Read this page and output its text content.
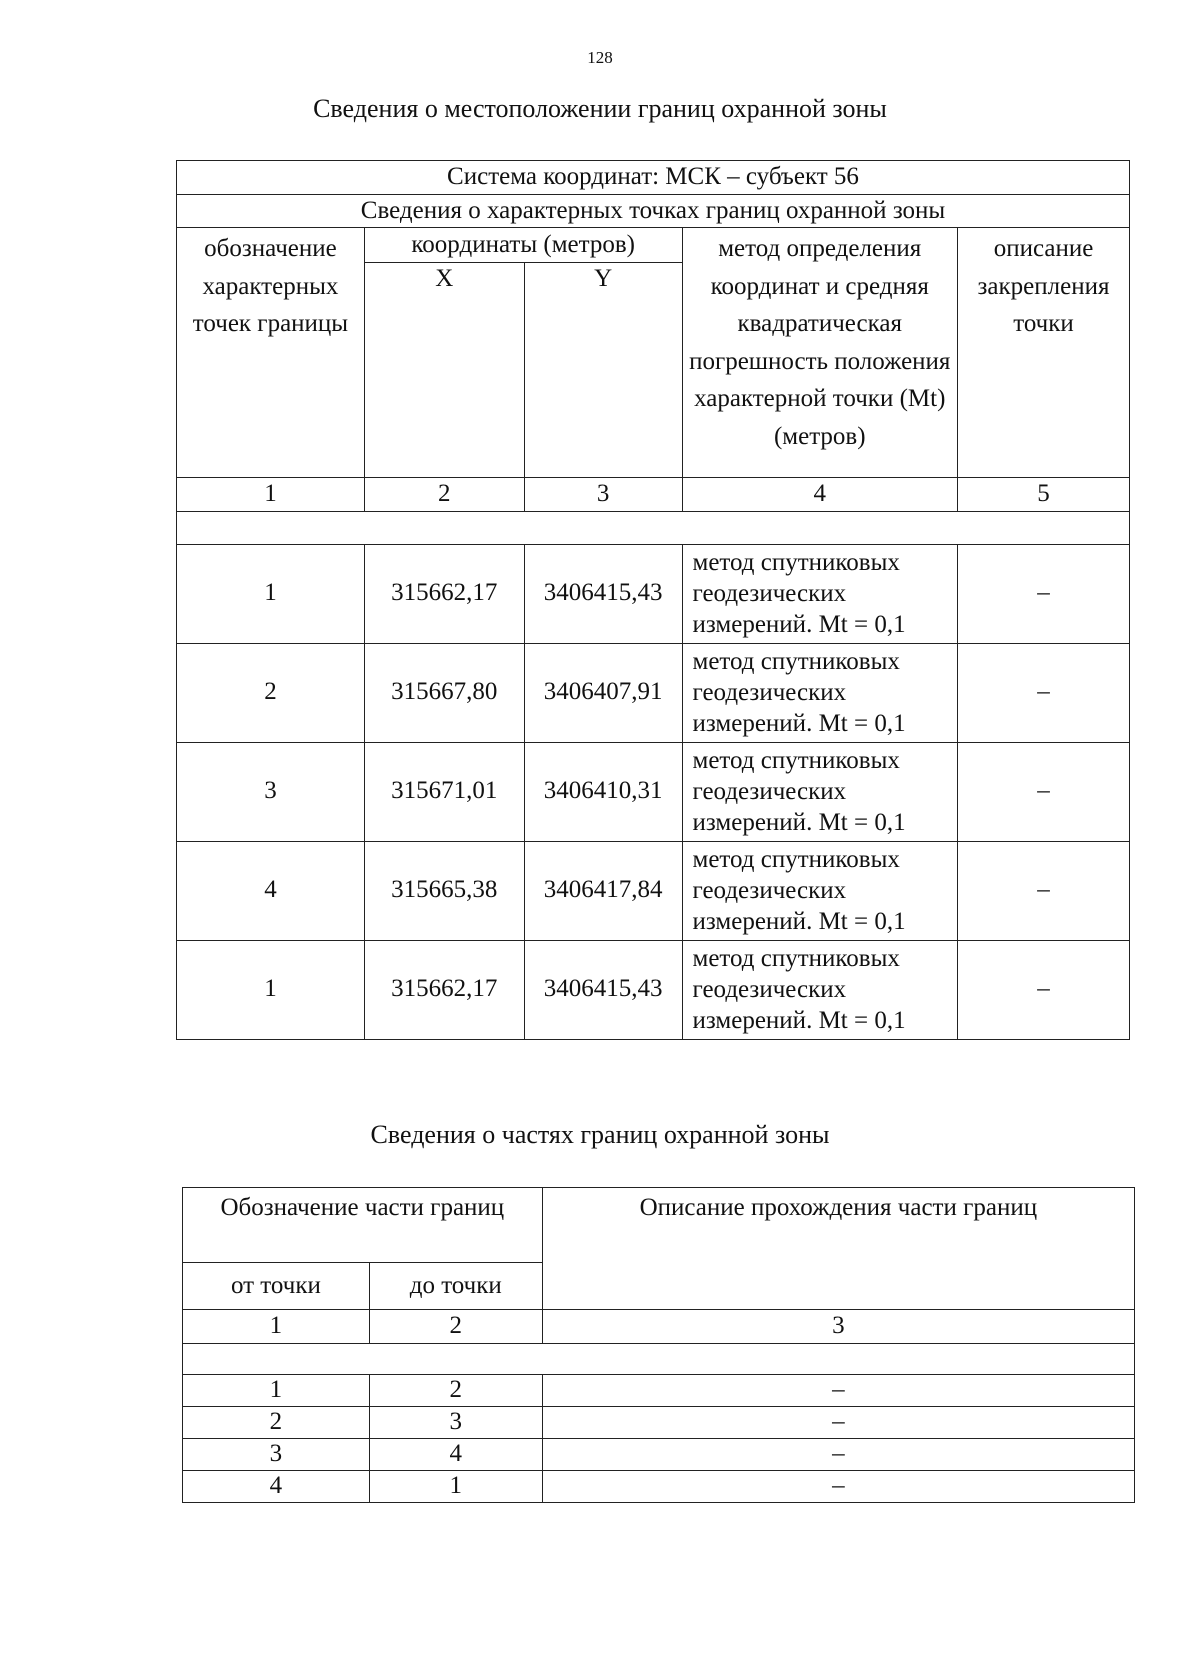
128
Сведения о местоположении границ охранной зоны
Система координат: МСК – субъект 56				
Сведения о характерных точках границ охранной зоны				

обозначение характерных точек границы	координаты (метров)		метод определения координат и средняя квадратическая погрешность положения характерной точки (Mt) (метров)	описание закрепления точки

	X	Y		
1	2	3	4	5

1	315662,17	3406415,43	метод спутниковых геодезических измерений. Mt = 0,1	–
2	315667,80	3406407,91	метод спутниковых геодезических измерений. Mt = 0,1	–
3	315671,01	3406410,31	метод спутниковых геодезических измерений. Mt = 0,1	–
4	315665,38	3406417,84	метод спутниковых геодезических измерений. Mt = 0,1	–
1	315662,17	3406415,43	метод спутниковых геодезических измерений. Mt = 0,1	–
Сведения о частях границ охранной зоны
Обозначение части границ		Описание прохождения части границ
от точки	до точки	
1	2	3

1	2	–
2	3	–
3	4	–
4	1	–
